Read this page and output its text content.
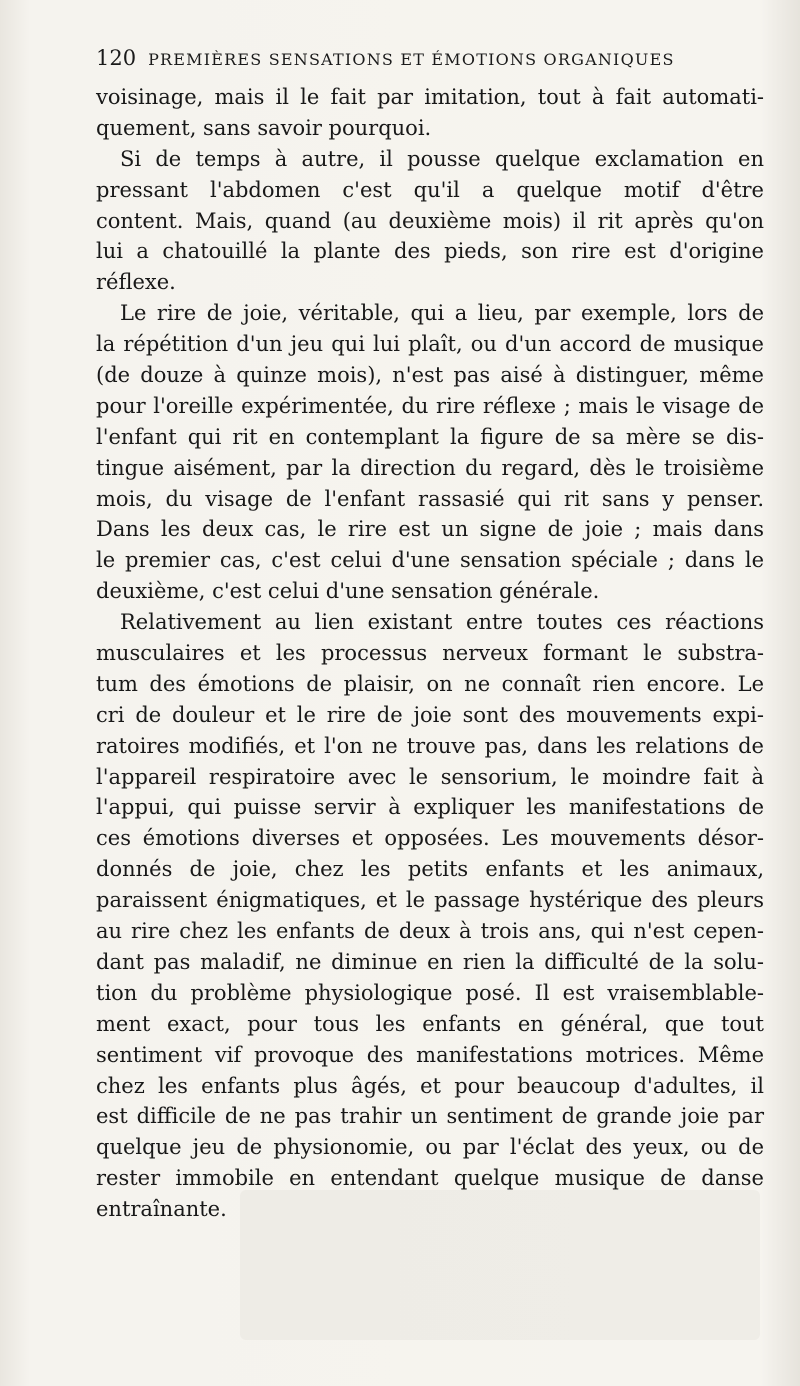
120 PREMIÈRES SENSATIONS ET ÉMOTIONS ORGANIQUES
voisinage, mais il le fait par imitation, tout à fait automati-
quement, sans savoir pourquoi.
Si de temps à autre, il pousse quelque exclamation en
pressant l'abdomen c'est qu'il a quelque motif d'être
content. Mais, quand (au deuxième mois) il rit après qu'on
lui a chatouillé la plante des pieds, son rire est d'origine
réflexe.
Le rire de joie, véritable, qui a lieu, par exemple, lors de
la répétition d'un jeu qui lui plaît, ou d'un accord de musique
(de douze à quinze mois), n'est pas aisé à distinguer, même
pour l'oreille expérimentée, du rire réflexe ; mais le visage de
l'enfant qui rit en contemplant la figure de sa mère se dis-
tingue aisément, par la direction du regard, dès le troisième
mois, du visage de l'enfant rassasié qui rit sans y penser.
Dans les deux cas, le rire est un signe de joie ; mais dans
le premier cas, c'est celui d'une sensation spéciale ; dans le
deuxième, c'est celui d'une sensation générale.
Relativement au lien existant entre toutes ces réactions
musculaires et les processus nerveux formant le substra-
tum des émotions de plaisir, on ne connaît rien encore. Le
cri de douleur et le rire de joie sont des mouvements expi-
ratoires modifiés, et l'on ne trouve pas, dans les relations de
l'appareil respiratoire avec le sensorium, le moindre fait à
l'appui, qui puisse servir à expliquer les manifestations de
ces émotions diverses et opposées. Les mouvements désor-
donnés de joie, chez les petits enfants et les animaux,
paraissent énigmatiques, et le passage hystérique des pleurs
au rire chez les enfants de deux à trois ans, qui n'est cepen-
dant pas maladif, ne diminue en rien la difficulté de la solu-
tion du problème physiologique posé. Il est vraisemblable-
ment exact, pour tous les enfants en général, que tout
sentiment vif provoque des manifestations motrices. Même
chez les enfants plus âgés, et pour beaucoup d'adultes, il
est difficile de ne pas trahir un sentiment de grande joie par
quelque jeu de physionomie, ou par l'éclat des yeux, ou de
rester immobile en entendant quelque musique de danse
entraînante.
